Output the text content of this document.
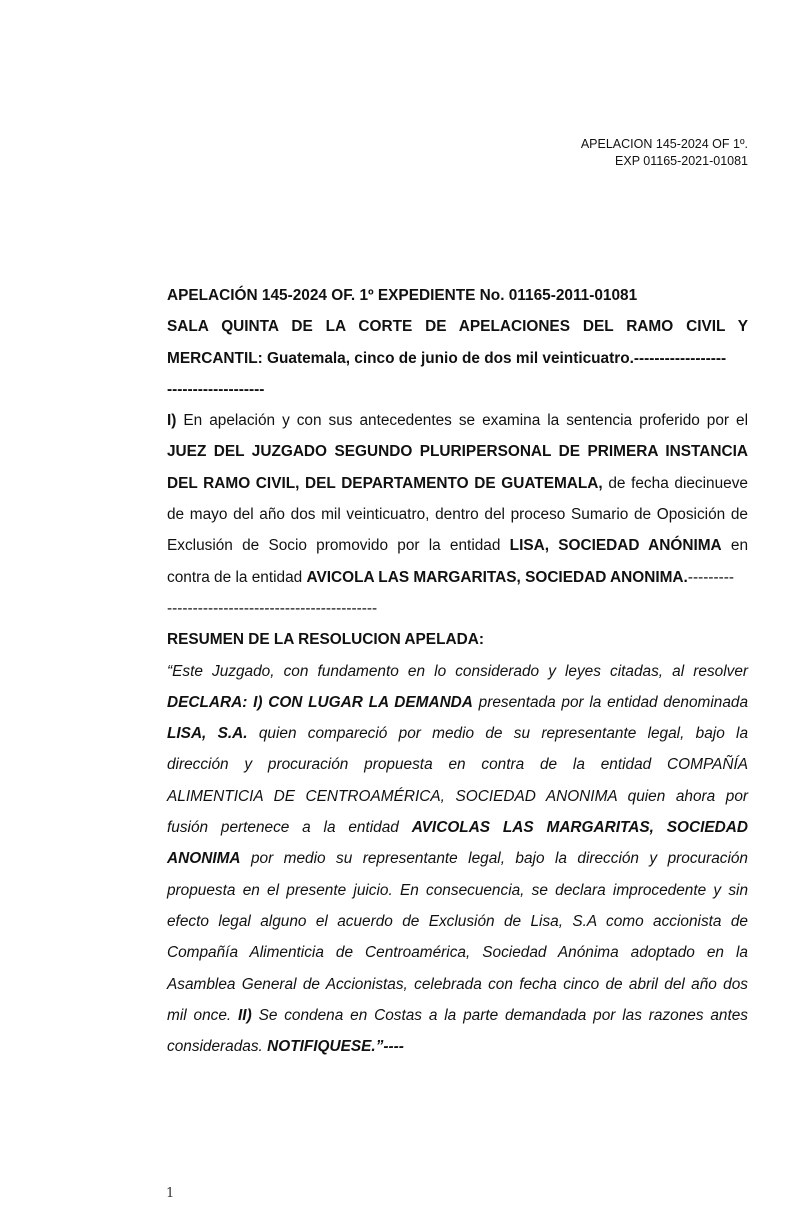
APELACION 145-2024 OF 1º.
EXP 01165-2021-01081
APELACIÓN 145-2024 OF. 1º EXPEDIENTE No. 01165-2011-01081
SALA QUINTA DE LA CORTE DE APELACIONES DEL RAMO CIVIL Y
MERCANTIL: Guatemala, cinco de junio de dos mil veinticuatro.------------------
-------------------
I) En apelación y con sus antecedentes se examina la sentencia proferido por el
JUEZ DEL JUZGADO SEGUNDO PLURIPERSONAL DE PRIMERA INSTANCIA
DEL RAMO CIVIL, DEL DEPARTAMENTO DE GUATEMALA, de fecha diecinueve
de mayo del año dos mil veinticuatro, dentro del proceso Sumario de Oposición de
Exclusión de Socio promovido por la entidad LISA, SOCIEDAD ANÓNIMA en
contra de la entidad AVICOLA LAS MARGARITAS, SOCIEDAD ANONIMA.---------
-----------------------------------------
RESUMEN DE LA RESOLUCION APELADA:
“Este Juzgado, con fundamento en lo considerado y leyes citadas, al resolver
DECLARA: I) CON LUGAR LA DEMANDA presentada por la entidad denominada
LISA, S.A. quien compareció por medio de su representante legal, bajo la
dirección y procuración propuesta en contra de la entidad COMPAÑÍA
ALIMENTICIA DE CENTROAMÉRICA, SOCIEDAD ANONIMA quien ahora por
fusión pertenece a la entidad AVICOLAS LAS MARGARITAS, SOCIEDAD
ANONIMA por medio su representante legal, bajo la dirección y procuración
propuesta en el presente juicio. En consecuencia, se declara improcedente y sin
efecto legal alguno el acuerdo de Exclusión de Lisa, S.A como accionista de
Compañía Alimenticia de Centroamérica, Sociedad Anónima adoptado en la
Asamblea General de Accionistas, celebrada con fecha cinco de abril del año dos
mil once. II) Se condena en Costas a la parte demandada por las razones antes
consideradas. NOTIFIQUESE.”----
1
